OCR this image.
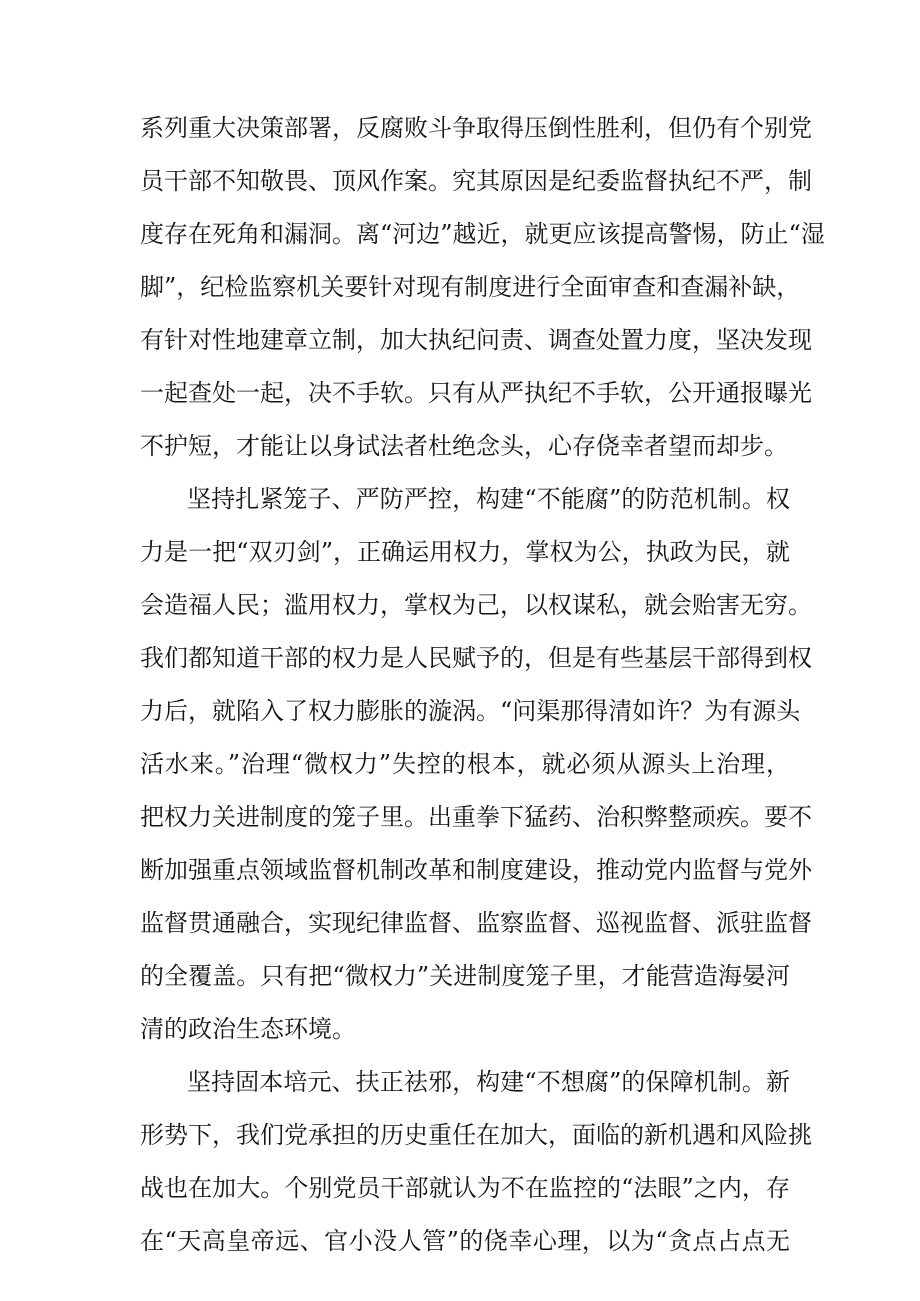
系列重大决策部署，反腐败斗争取得压倒性胜利，但仍有个别党
员干部不知敬畏、顶风作案。究其原因是纪委监督执纪不严，制
度存在死角和漏洞。离“河边”越近，就更应该提高警惕，防止“湿
脚”，纪检监察机关要针对现有制度进行全面审查和查漏补缺，
有针对性地建章立制，加大执纪问责、调查处置力度，坚决发现
一起查处一起，决不手软。只有从严执纪不手软，公开通报曝光
不护短，才能让以身试法者杜绝念头，心存侥幸者望而却步。
坚持扎紧笼子、严防严控，构建“不能腐”的防范机制。权
力是一把“双刃剑”，正确运用权力，掌权为公，执政为民，就
会造福人民；滥用权力，掌权为己，以权谋私，就会贻害无穷。
我们都知道干部的权力是人民赋予的，但是有些基层干部得到权
力后，就陷入了权力膨胀的漩涡。“问渠那得清如许？为有源头
活水来。”治理“微权力”失控的根本，就必须从源头上治理，
把权力关进制度的笼子里。出重拳下猛药、治积弊整顽疾。要不
断加强重点领域监督机制改革和制度建设，推动党内监督与党外
监督贯通融合，实现纪律监督、监察监督、巡视监督、派驻监督
的全覆盖。只有把“微权力”关进制度笼子里，才能营造海晏河
清的政治生态环境。
坚持固本培元、扶正祛邪，构建“不想腐”的保障机制。新
形势下，我们党承担的历史重任在加大，面临的新机遇和风险挑
战也在加大。个别党员干部就认为不在监控的“法眼”之内，存
在“天高皇帝远、官小没人管”的侥幸心理，以为“贪点占点无
